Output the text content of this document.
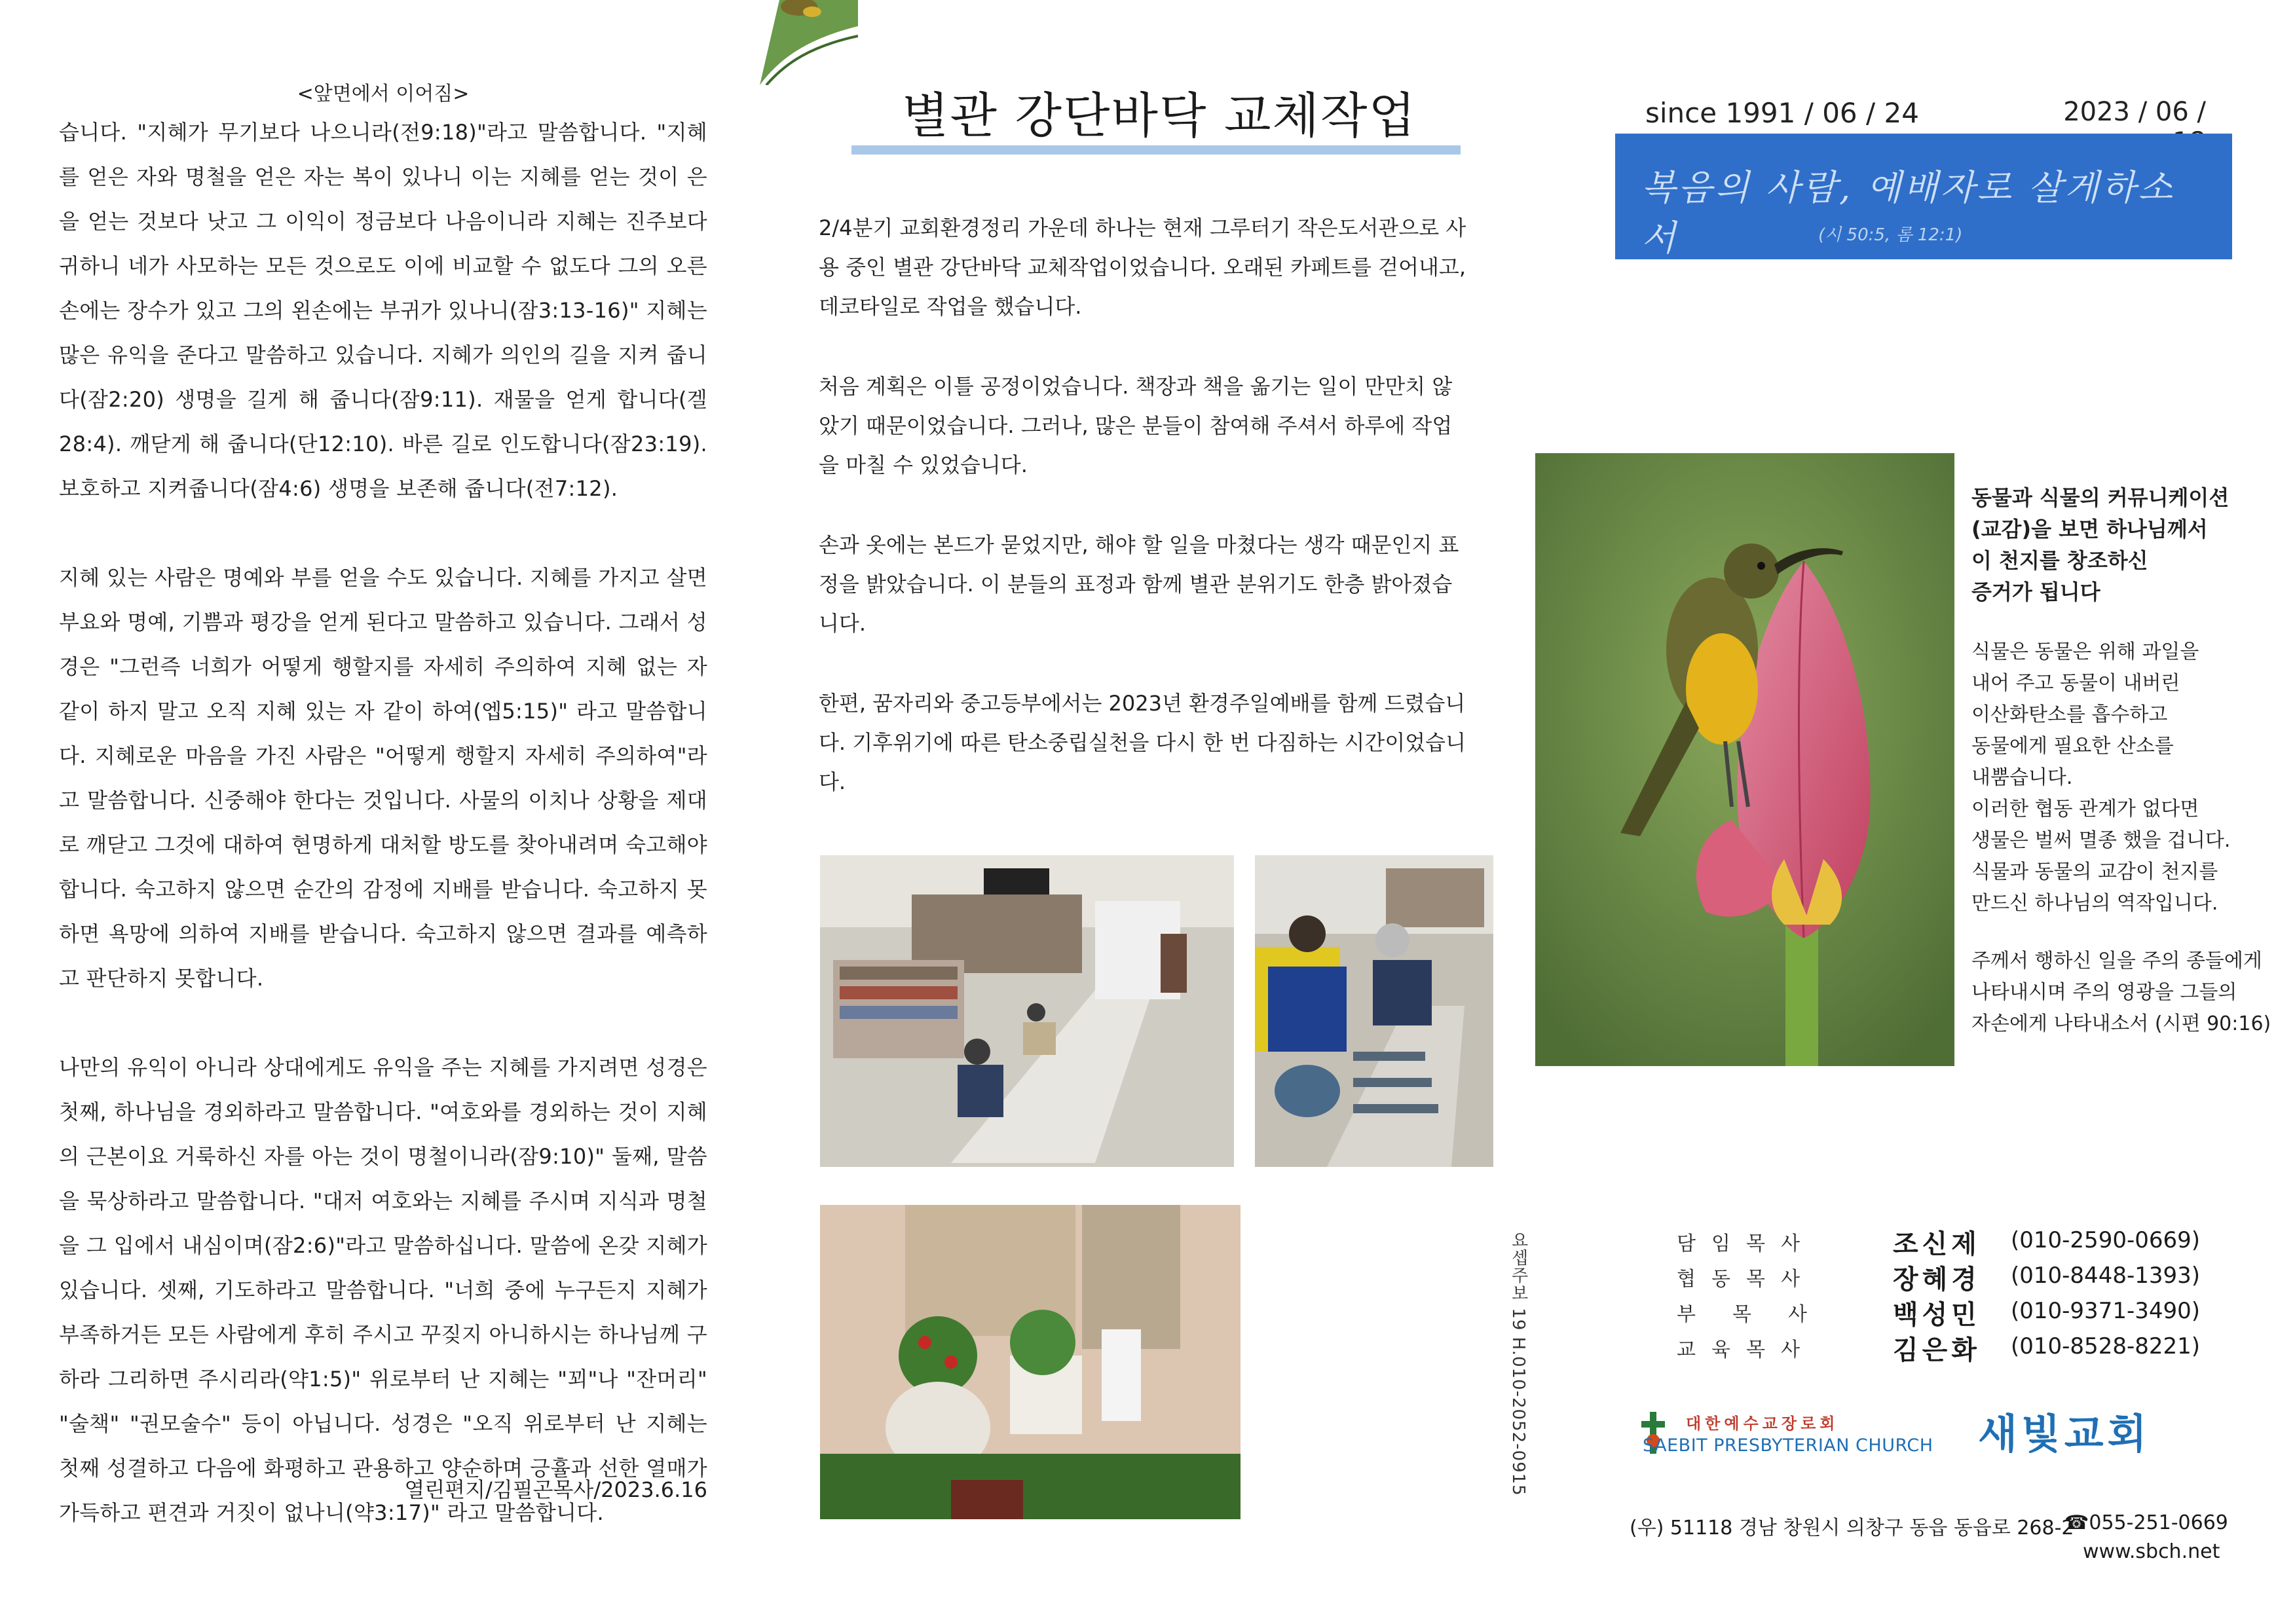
<앞면에서 이어짐>

습니다. "지혜가 무기보다 나으니라(전9:18)"라고 말씀합니다. "지혜를 얻은 자와 명철을 얻은 자는 복이 있나니 이는 지혜를 얻는 것이 은을 얻는 것보다 낫고 그 이익이 정금보다 나음이니라 지혜는 진주보다 귀하니 네가 사모하는 모든 것으로도 이에 비교할 수 없도다 그의 오른손에는 장수가 있고 그의 왼손에는 부귀가 있나니(잠3:13-16)" 지혜는 많은 유익을 준다고 말씀하고 있습니다. 지혜가 의인의 길을 지켜 줍니다(잠2:20) 생명을 길게 해 줍니다(잠9:11). 재물을 얻게 합니다(겔28:4). 깨닫게 해 줍니다(단12:10). 바른 길로 인도합니다(잠23:19). 보호하고 지켜줍니다(잠4:6) 생명을 보존해 줍니다(전7:12).

지혜 있는 사람은 명예와 부를 얻을 수도 있습니다. 지혜를 가지고 살면 부요와 명예, 기쁨과 평강을 얻게 된다고 말씀하고 있습니다. 그래서 성경은 "그런즉 너희가 어떻게 행할지를 자세히 주의하여 지혜 없는 자 같이 하지 말고 오직 지혜 있는 자 같이 하여(엡5:15)" 라고 말씀합니다. 지혜로운 마음을 가진 사람은 "어떻게 행할지 자세히 주의하여"라고 말씀합니다. 신중해야 한다는 것입니다. 사물의 이치나 상황을 제대로 깨닫고 그것에 대하여 현명하게 대처할 방도를 찾아내려며 숙고해야 합니다. 숙고하지 않으면 순간의 감정에 지배를 받습니다. 숙고하지 못하면 욕망에 의하여 지배를 받습니다. 숙고하지 않으면 결과를 예측하고 판단하지 못합니다.

나만의 유익이 아니라 상대에게도 유익을 주는 지혜를 가지려면 성경은 첫째, 하나님을 경외하라고 말씀합니다. "여호와를 경외하는 것이 지혜의 근본이요 거룩하신 자를 아는 것이 명철이니라(잠9:10)" 둘째, 말씀을 묵상하라고 말씀합니다. "대저 여호와는 지혜를 주시며 지식과 명철을 그 입에서 내심이며(잠2:6)"라고 말씀하십니다. 말씀에 온갖 지혜가 있습니다. 셋째, 기도하라고 말씀합니다. "너희 중에 누구든지 지혜가 부족하거든 모든 사람에게 후히 주시고 꾸짖지 아니하시는 하나님께 구하라 그리하면 주시리라(약1:5)" 위로부터 난 지혜는 "꾀"나 "잔머리" "술책" "권모술수" 등이 아닙니다. 성경은 "오직 위로부터 난 지혜는 첫째 성결하고 다음에 화평하고 관용하고 양순하며 긍휼과 선한 열매가 가득하고 편견과 거짓이 없나니(약3:17)" 라고 말씀합니다.

열린편지/김필곤목사/2023.6.16
별관 강단바닥 교체작업

2/4분기 교회환경정리 가운데 하나는 현재 그루터기 작은도서관으로 사용 중인 별관 강단바닥 교체작업이었습니다. 오래된 카페트를 걷어내고, 데코타일로 작업을 했습니다.

처음 계획은 이틀 공정이었습니다. 책장과 책을 옮기는 일이 만만치 않았기 때문이었습니다. 그러나, 많은 분들이 참여해 주셔서 하루에 작업을 마칠 수 있었습니다.

손과 옷에는 본드가 묻었지만, 해야 할 일을 마쳤다는 생각 때문인지 표정을 밝았습니다. 이 분들의 표정과 함께 별관 분위기도 한층 밝아졌습니다.

한편, 꿈자리와 중고등부에서는 2023년 환경주일예배를 함께 드렸습니다. 기후위기에 따른 탄소중립실천을 다시 한 번 다짐하는 시간이었습니다.

요셉주보 19 H.010-2052-0915
since 1991 / 06 / 24	2023 / 06 /
복음의 사람, 예배자로 살게하소서	(시 50:5, 롬 12:1)
동물과 식물의 커뮤니케이션
(교감)을 보면 하나님께서
이 천지를 창조하신
증거가 됩니다
식물은 동물은 위해 과일을
내어 주고 동물이 내버린
이산화탄소를 흡수하고
동물에게 필요한 산소를
내뿜습니다.
이러한 협동 관계가 없다면
생물은 벌써 멸종 했을 겁니다.
식물과 동물의 교감이 천지를
만드신 하나님의 역작입니다.
주께서 행하신 일을 주의 종들에게
나타내시며 주의 영광을 그들의
자손에게 나타내소서 (시편 90:16)
담임목사	조신제 (010-2590-0669)
협동목사	장혜경 (010-8448-1393)
부목사 백성민 (010-9371-3490)
교육목사	김은화 (010-8528-8221)
대한예수교장로회
SAEBIT PRESBYTERIAN CHURCH 새빛교회
(우) 51118 경남 창원시 의창구 동읍 동읍로 268-2
☎055-251-0669
www.sbch.net
